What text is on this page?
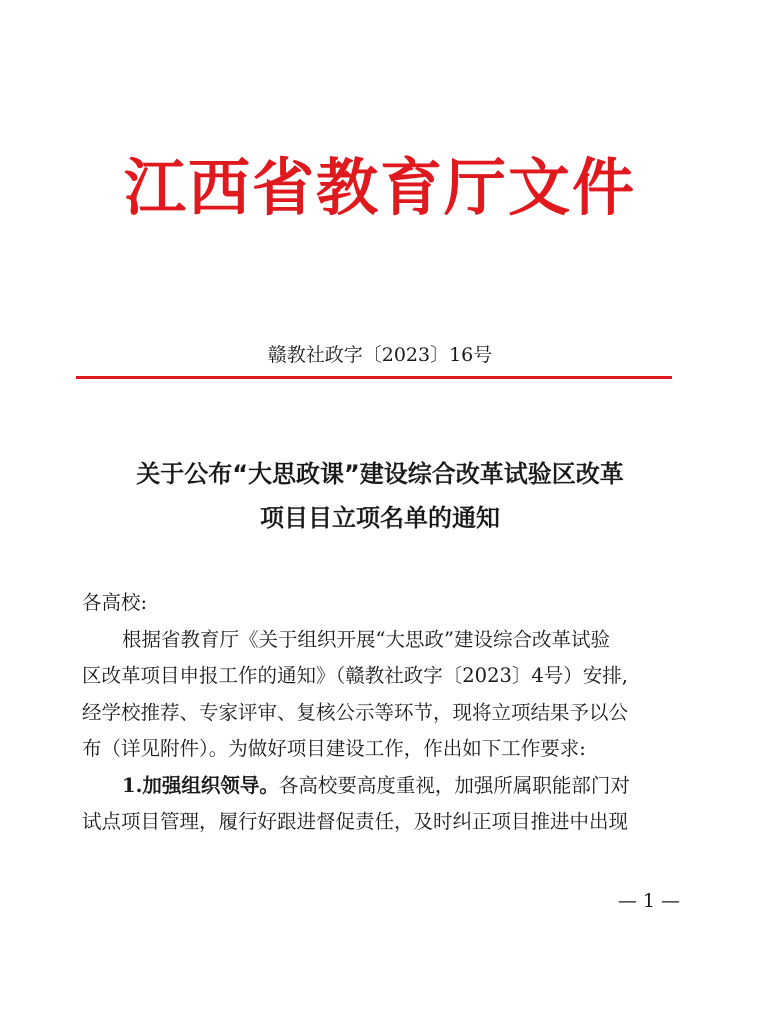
江西省教育厅文件
赣教社政字〔2023〕16号
关于公布“大思政课”建设综合改革试验区改革
项目目立项名单的通知

各高校:

根据省教育厅《关于组织开展“大思政”建设综合改革试验

区改革项目申报工作的通知》（赣教社政字〔2023〕4号）安排,

经学校推荐、专家评审、复核公示等环节，现将立项结果予以公

布（详见附件）。为做好项目建设工作，作出如下工作要求:

1.加强组织领导。各高校要高度重视，加强所属职能部门对

试点项目管理，履行好跟进督促责任，及时纠正项目推进中出现

— 1 —
